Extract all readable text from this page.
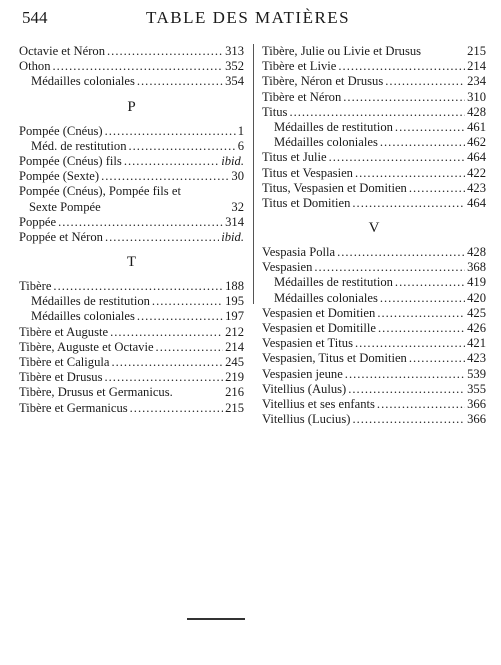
544	TABLE DES MATIÈRES
Octavie et Néron .....	313
Othon .....	352
Médailles coloniales .....	354
P
Pompée (Cnéus) .....	1
Méd. de restitution .....	6
Pompée (Cnéus) fils .....	ibid.
Pompée (Sexte) .....	30
Pompée (Cnéus), Pompée fils et
Sexte Pompée	32
Poppée .....	314
Poppée et Néron .....	ibid.
T
Tibère .....	188
Médailles de restitution .....	195
Médailles coloniales .....	197
Tibère et Auguste .....	212
Tibère, Auguste et Octavie .....	214
Tibère et Caligula .....	245
Tibère et Drusus .....	219
Tibère, Drusus et Germanicus.	216
Tibère et Germanicus .....	215
Tibère, Julie ou Livie et Drusus	215
Tibère et Livie .....	214
Tibère, Néron et Drusus .....	234
Tibère et Néron .....	310
Titus .....	428
Médailles de restitution .....	461
Médailles coloniales .....	462
Titus et Julie .....	464
Titus et Vespasien .....	422
Titus, Vespasien et Domitien .....	423
Titus et Domitien .....	464
V
Vespasia Polla .....	428
Vespasien .....	368
Médailles de restitution .....	419
Médailles coloniales .....	420
Vespasien et Domitien .....	425
Vespasien et Domitille .....	426
Vespasien et Titus .....	421
Vespasien, Titus et Domitien .....	423
Vespasien jeune .....	539
Vitellius (Aulus) .....	355
Vitellius et ses enfants .....	366
Vitellius (Lucius) .....	366
